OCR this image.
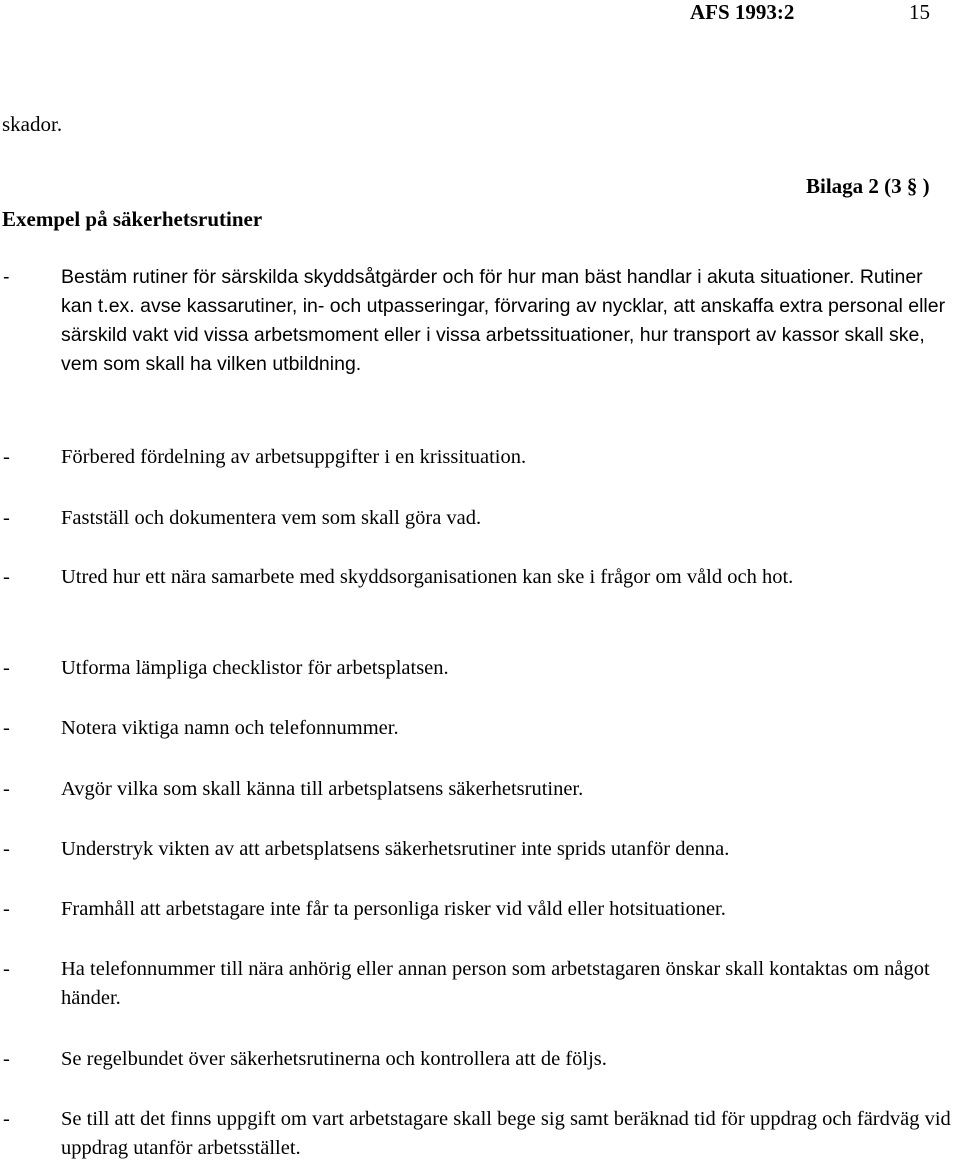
AFS 1993:2	15
skador.
Bilaga 2 (3 § )
Exempel på säkerhetsrutiner
-	Bestäm rutiner för särskilda skyddsåtgärder och för hur man bäst handlar i akuta situationer. Rutiner kan t.ex. avse kassarutiner, in- och utpasseringar, förvaring av nycklar, att anskaffa extra personal eller särskild vakt vid vissa arbetsmoment eller i vissa arbetssituationer, hur transport av kassor skall ske, vem som skall ha vilken utbildning.
- Förbered fördelning av arbetsuppgifter i en krissituation.
- Fastställ och dokumentera vem som skall göra vad.
- Utred hur ett nära samarbete med skyddsorganisationen kan ske i frågor om våld och hot.
- Utforma lämpliga checklistor för arbetsplatsen.
- Notera viktiga namn och telefonnummer.
- Avgör vilka som skall känna till arbetsplatsens säkerhetsrutiner.
- Understryk vikten av att arbetsplatsens säkerhetsrutiner inte sprids utanför denna.
- Framhåll att arbetstagare inte får ta personliga risker vid våld eller hotsituationer.
- Ha telefonnummer till nära anhörig eller annan person som arbetstagaren önskar skall kontaktas om något händer.
- Se regelbundet över säkerhetsrutinerna och kontrollera att de följs.
- Se till att det finns uppgift om vart arbetstagare skall bege sig samt beräknad tid för uppdrag och färdväg vid uppdrag utanför arbetsstället.
